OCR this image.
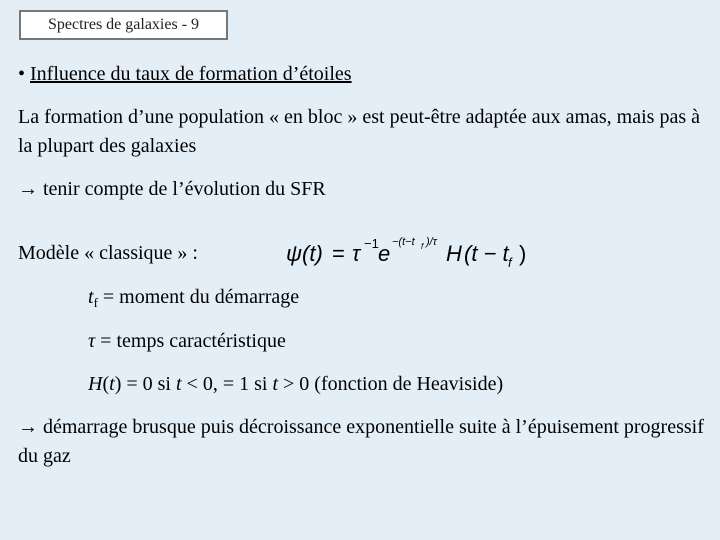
Spectres de galaxies - 9
• Influence du taux de formation d’étoiles
La formation d’une population « en bloc » est peut-être adaptée aux amas, mais pas à la plupart des galaxies
→ tenir compte de l’évolution du SFR
Modèle « classique » :	ψ (t) = τ −1 e −(t−t f )/τ H (t − t f )
$t_f$ = moment du démarrage
τ = temps caractéristique
H(t) = 0 si t < 0, = 1 si t > 0 (fonction de Heaviside)
→ démarrage brusque puis décroissance exponentielle suite à l’épuisement progressif du gaz
